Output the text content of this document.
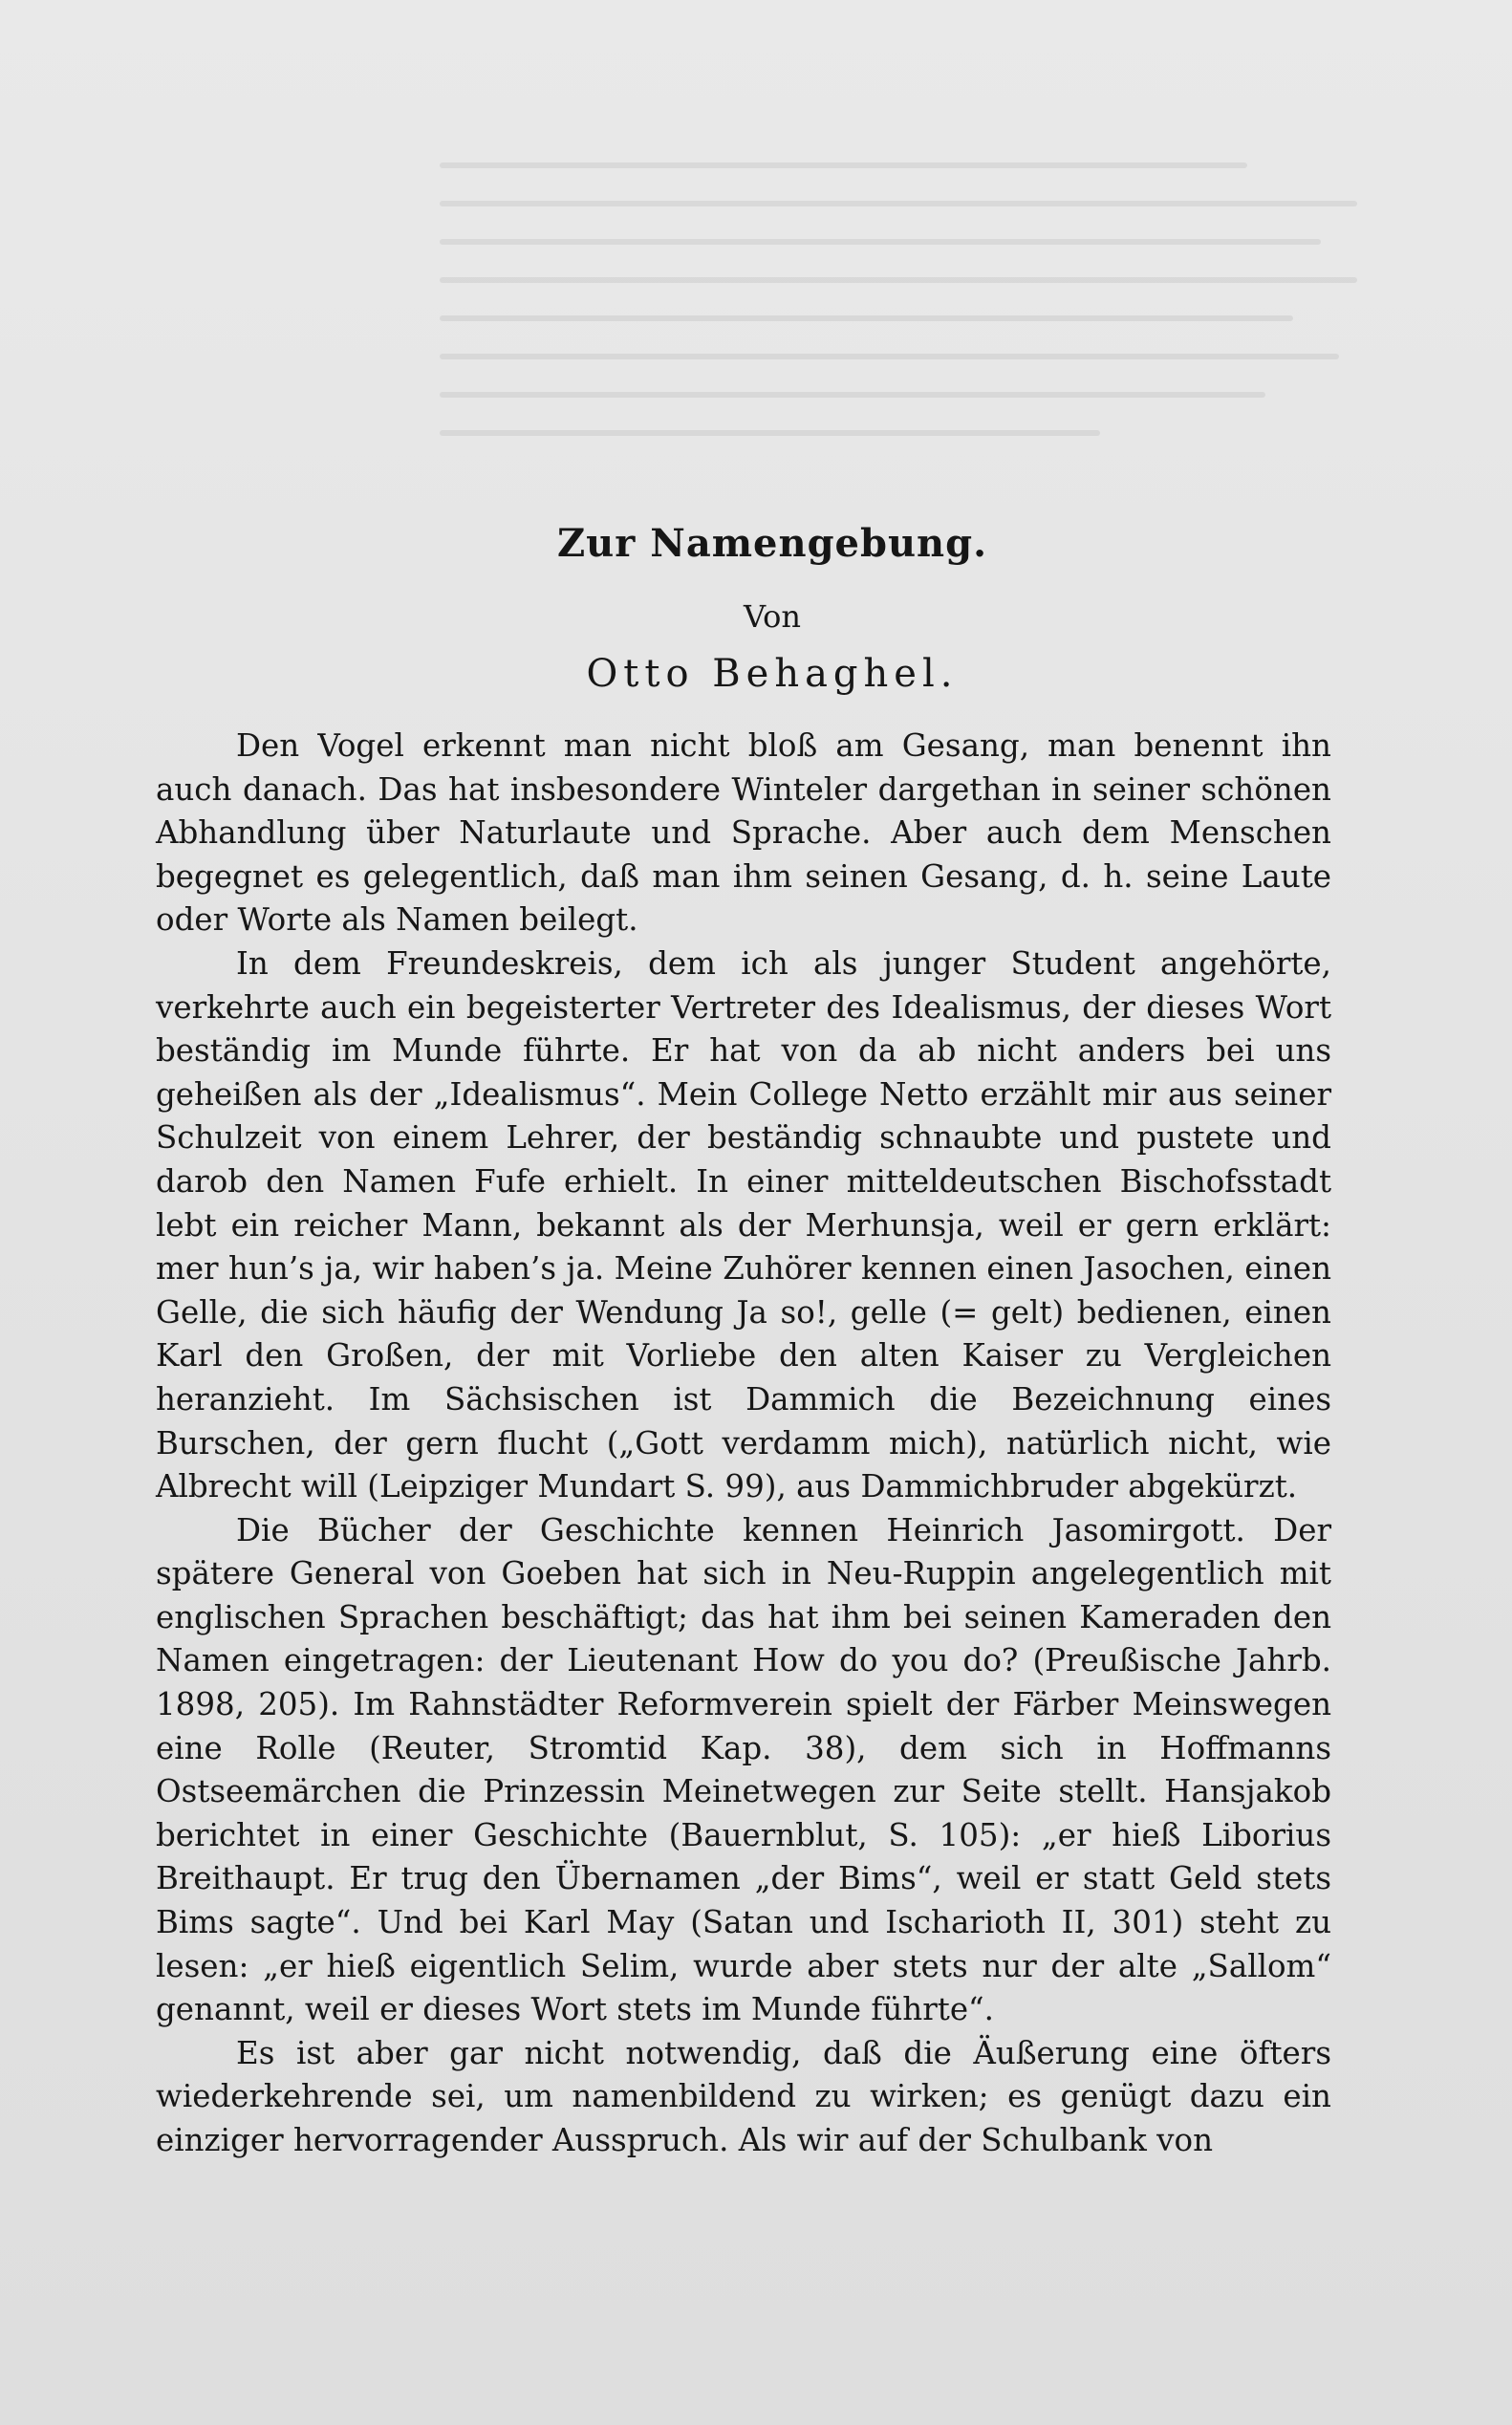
Zur Namengebung.
Von
Otto Behaghel.

Den Vogel erkennt man nicht bloß am Gesang, man benennt ihn auch danach. Das hat insbesondere Winteler dargethan in seiner schönen Abhandlung über Naturlaute und Sprache. Aber auch dem Menschen begegnet es gelegentlich, daß man ihm seinen Gesang, d. h. seine Laute oder Worte als Namen beilegt.

In dem Freundeskreis, dem ich als junger Student angehörte, verkehrte auch ein begeisterter Vertreter des Idealismus, der dieses Wort beständig im Munde führte. Er hat von da ab nicht anders bei uns geheißen als der „Idealismus“. Mein College Netto erzählt mir aus seiner Schulzeit von einem Lehrer, der beständig schnaubte und pustete und darob den Namen Fufe erhielt. In einer mitteldeutschen Bischofsstadt lebt ein reicher Mann, bekannt als der Merhunsja, weil er gern erklärt: mer hun’s ja, wir haben’s ja. Meine Zuhörer kennen einen Jasochen, einen Gelle, die sich häufig der Wendung Ja so!, gelle (= gelt) bedienen, einen Karl den Großen, der mit Vorliebe den alten Kaiser zu Vergleichen heranzieht. Im Sächsischen ist Dammich die Bezeichnung eines Burschen, der gern flucht („Gott verdamm mich), natürlich nicht, wie Albrecht will (Leipziger Mundart S. 99), aus Dammichbruder abgekürzt.

Die Bücher der Geschichte kennen Heinrich Jasomirgott. Der spätere General von Goeben hat sich in Neu-Ruppin angelegentlich mit englischen Sprachen beschäftigt; das hat ihm bei seinen Kameraden den Namen eingetragen: der Lieutenant How do you do? (Preußische Jahrb. 1898, 205). Im Rahnstädter Reformverein spielt der Färber Meinswegen eine Rolle (Reuter, Stromtid Kap. 38), dem sich in Hoffmanns Ostseemärchen die Prinzessin Meinetwegen zur Seite stellt. Hansjakob berichtet in einer Geschichte (Bauernblut, S. 105): „er hieß Liborius Breithaupt. Er trug den Übernamen „der Bims“, weil er statt Geld stets Bims sagte“. Und bei Karl May (Satan und Ischarioth II, 301) steht zu lesen: „er hieß eigentlich Selim, wurde aber stets nur der alte „Sallom“ genannt, weil er dieses Wort stets im Munde führte“.

Es ist aber gar nicht notwendig, daß die Äußerung eine öfters wiederkehrende sei, um namenbildend zu wirken; es genügt dazu ein einziger hervorragender Ausspruch. Als wir auf der Schulbank von
